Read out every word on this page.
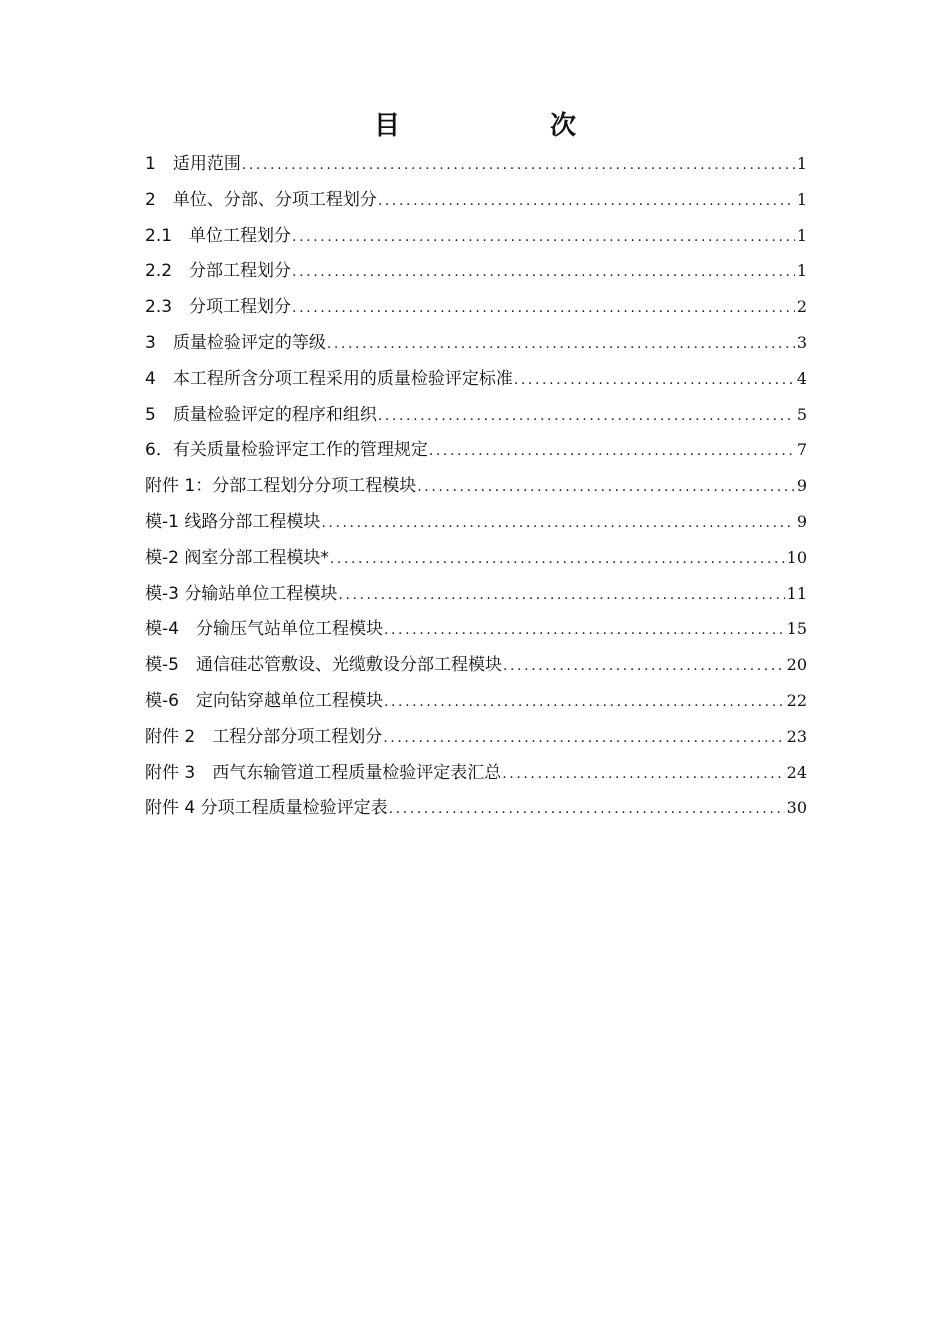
目　次
1　适用范围 .....	1
2　单位、分部、分项工程划分 .....	1
2.1　单位工程划分 .....	1
2.2　分部工程划分 .....	1
2.3　分项工程划分 .....	2
3　质量检验评定的等级 .....	3
4　本工程所含分项工程采用的质量检验评定标准 .....	4
5　质量检验评定的程序和组织 .....	5
6．有关质量检验评定工作的管理规定 .....	7
附件 1：分部工程划分分项工程模块 .....	9
模-1 线路分部工程模块 .....	9
模-2 阀室分部工程模块* .....	10
模-3 分输站单位工程模块 .....	11
模-4　分输压气站单位工程模块 .....	15
模-5　通信硅芯管敷设、光缆敷设分部工程模块 .....	20
模-6　定向钻穿越单位工程模块 .....	22
附件 2　工程分部分项工程划分 .....	23
附件 3　西气东输管道工程质量检验评定表汇总 .....	24
附件 4 分项工程质量检验评定表 .....	30
